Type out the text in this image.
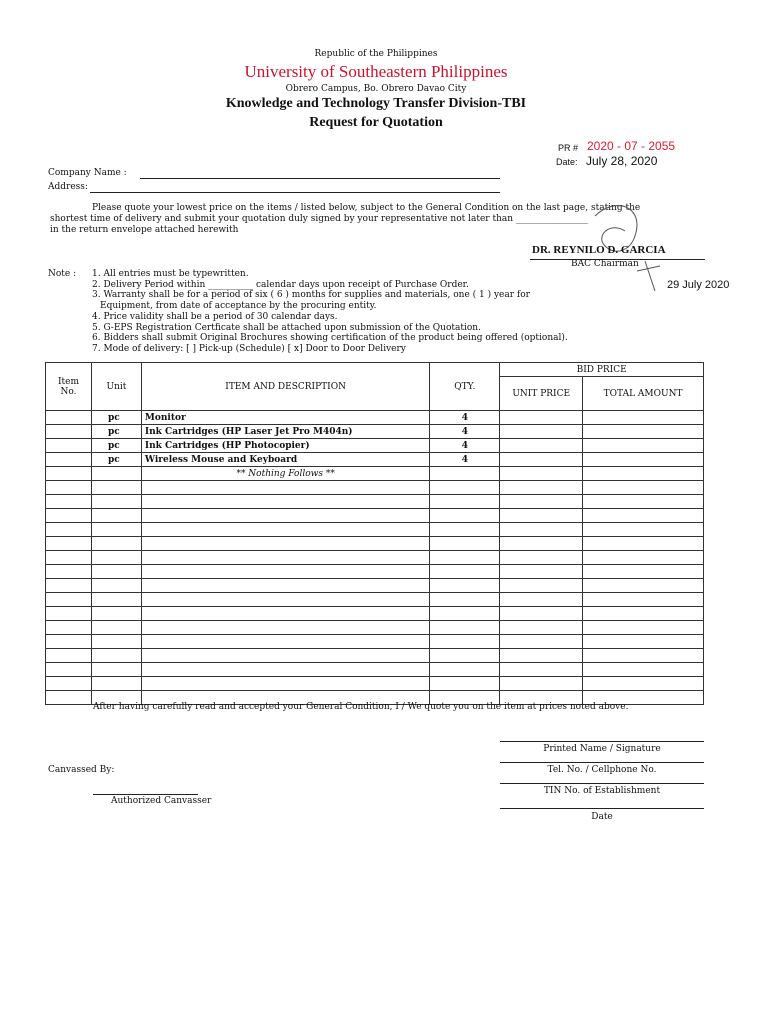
Republic of the Philippines
University of Southeastern Philippines
Obrero Campus, Bo. Obrero Davao City
Knowledge and Technology Transfer Division-TBI
Request for Quotation
PR # 2020 - 07 - 2055
Date: July 28, 2020
Company Name :
Address:
Please quote your lowest price on the items / listed below, subject to the General Condition on the last page, stating the
shortest time of delivery and submit your quotation duly signed by your representative not later than ________________
in the return envelope attached herewith
DR. REYNILO D. GARCIA
BAC Chairman
29 July 2020
Note : 1. All entries must be typewritten.
2. Delivery Period within __________ calendar days upon receipt of Purchase Order.
3. Warranty shall be for a period of six ( 6 ) months for supplies and materials, one ( 1 ) year for
Equipment, from date of acceptance by the procuring entity.
4. Price validity shall be a period of 30 calendar days.
5. G-EPS Registration Certficate shall be attached upon submission of the Quotation.
6. Bidders shall submit Original Brochures showing certification of the product being offered (optional).
7. Mode of delivery: [ ] Pick-up (Schedule) [ x] Door to Door Delivery
Item No.	Unit	ITEM AND DESCRIPTION	QTY.	BID PRICE	
				UNIT PRICE	TOTAL AMOUNT
	pc	Monitor	4		
	pc	Ink Cartridges (HP Laser Jet Pro M404n)	4		
	pc	Ink Cartridges (HP Photocopier)	4		
	pc	Wireless Mouse and Keyboard	4		
		** Nothing Follows **			

After having carefully read and accepted your General Condition, I / We quote you on the item at prices noted above.
Printed Name / Signature
Tel. No. / Cellphone No.
TIN No. of Establishment
Date
Canvassed By:
Authorized Canvasser
